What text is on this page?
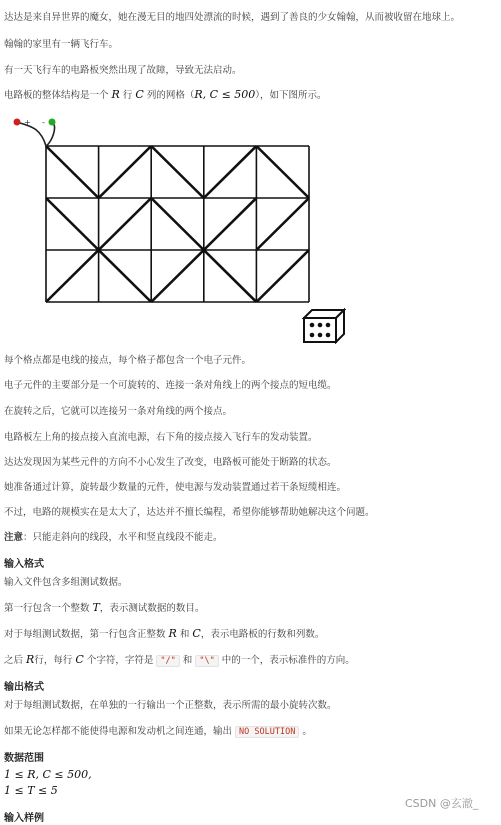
达达是来自异世界的魔女，她在漫无目的地四处漂流的时候，遇到了善良的少女翰翰，从而被收留在地球上。
翰翰的家里有一辆飞行车。
有一天飞行车的电路板突然出现了故障，导致无法启动。
电路板的整体结构是一个 R 行 C 列的网格（R, C ≤ 500），如下图所示。
+ -
每个格点都是电线的接点，每个格子都包含一个电子元件。
电子元件的主要部分是一个可旋转的、连接一条对角线上的两个接点的短电缆。
在旋转之后，它就可以连接另一条对角线的两个接点。
电路板左上角的接点接入直流电源，右下角的接点接入飞行车的发动装置。
达达发现因为某些元件的方向不小心发生了改变，电路板可能处于断路的状态。
她准备通过计算，旋转最少数量的元件，使电源与发动装置通过若干条短缆相连。
不过，电路的规模实在是太大了，达达并不擅长编程，希望你能够帮助她解决这个问题。
注意：只能走斜向的线段，水平和竖直线段不能走。
输入格式
输入文件包含多组测试数据。
第一行包含一个整数 T，表示测试数据的数目。
对于每组测试数据，第一行包含正整数 R 和 C，表示电路板的行数和列数。
之后 R行，每行 C 个字符，字符是 "/" 和 "\" 中的一个，表示标准件的方向。
输出格式
对于每组测试数据，在单独的一行输出一个正整数，表示所需的最小旋转次数。
如果无论怎样都不能使得电源和发动机之间连通，输出 NO SOLUTION 。
数据范围
1 ≤ R, C ≤ 500,
1 ≤ T ≤ 5
输入样例
CSDN @玄澈_
